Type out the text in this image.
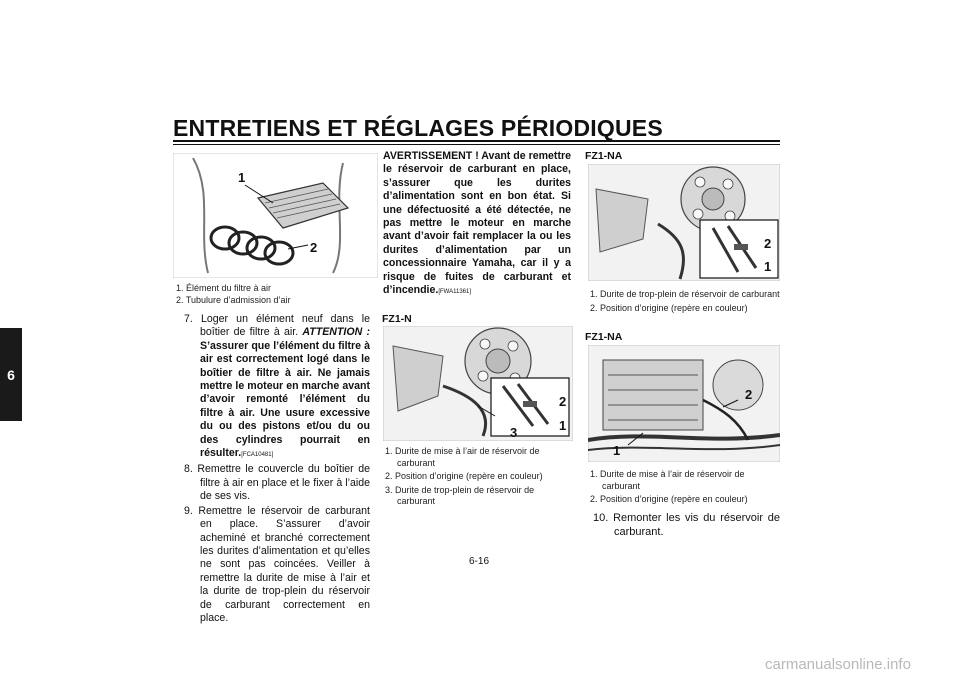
ENTRETIENS ET RÉGLAGES PÉRIODIQUES
6
1
2
1. Élément du filtre à air
2. Tubulure d’admission d’air
7. Loger un élément neuf dans le boîtier de filtre à air. ATTENTION : S’assurer que l’élément du filtre à air est correctement logé dans le boîtier de filtre à air. Ne jamais mettre le moteur en marche avant d’avoir remonté l’élément du filtre à air. Une usure excessive du ou des pistons et/ou du ou des cylindres pourrait en résulter.[FCA10481]
8. Remettre le couvercle du boîtier de filtre à air en place et le fixer à l’aide de ses vis.
9. Remettre le réservoir de carburant en place. S’assurer d’avoir acheminé et branché correctement les durites d’alimentation et qu’elles ne sont pas coincées. Veiller à remettre la durite de mise à l’air et la durite de trop-plein du réservoir de carburant correctement en place.
AVERTISSEMENT ! Avant de remettre le réservoir de carburant en place, s’assurer que les durites d’alimentation sont en bon état. Si une défectuosité a été détectée, ne pas mettre le moteur en marche avant d’avoir fait remplacer la ou les durites d’alimentation par un concessionnaire Yamaha, car il y a risque de fuites de carburant et d’incendie.[FWA11361]
FZ1-N
2
1
3
1. Durite de mise à l’air de réservoir de carburant
2. Position d’origine (repère en couleur)
3. Durite de trop-plein de réservoir de carburant
FZ1-NA
2
1
1. Durite de trop-plein de réservoir de carburant
2. Position d’origine (repère en couleur)
FZ1-NA
2
1
1. Durite de mise à l’air de réservoir de carburant
2. Position d’origine (repère en couleur)
10. Remonter les vis du réservoir de carburant.
6-16
carmanualsonline.info
